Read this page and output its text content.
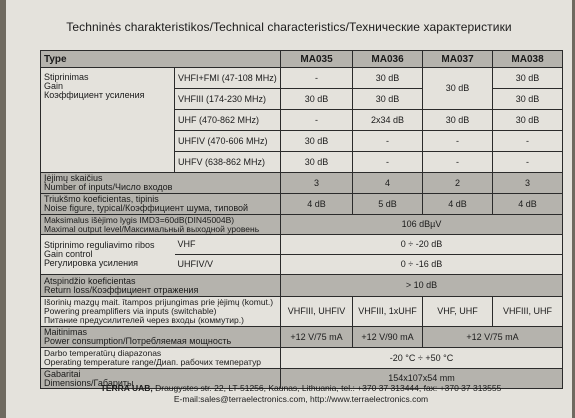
Techninės charakteristikos/Technical characteristics/Технические характеристики
Type		MA035	MA036	MA037	MA038

Stiprinimas
Gain
Коэффициент усиления	VHFI+FMI (47-108 MHz)	-	30 dB	30 dB	30 dB
	VHFIII (174-230 MHz)	30 dB	30 dB		30 dB
	UHF (470-862 MHz)	-	2x34 dB	30 dB	30 dB
	UHFIV (470-606 MHz)	30 dB	-	-	-
	UHFV (638-862 MHz)	30 dB	-	-	-

Įėjimų skaičius
Number of inputs/Число входов		3	4	2	3

Triukšmo koeficientas, tipinis
Noise figure, typical/Коэффициент шума, типовой		4 dB	5 dB	4 dB	4 dB

Maksimalus išėjimo lygis IMD3=60dB(DIN45004B)
Maximal output level/Максимальный выходной уровень		106 dBµV			

Stiprinimo reguliavimo ribos
Gain control
Регулировка усиления	VHF	0 ÷ -20 dB			
	UHFIV/V	0 ÷ -16 dB			

Atspindžio koeficientas
Return loss/Коэффициент отражения		> 10 dB			

Išorinių mazgų mait. ītampos prijungimas prie įėjimų (komut.)
Powering preamplifiers via inputs (switchable)
Питание предусилителей через входы (коммутир.)		VHFIII, UHFIV	VHFIII, 1xUHF	VHF, UHF	VHFIII, UHF

Maitinimas
Power consumption/Потребляемая мощность		+12 V/75 mA	+12 V/90 mA	+12 V/75 mA	

Darbo temperatūrų diapazonas
Operating temperature range/Диап. рабочих температур		-20 °C ÷ +50 °C			

Gabaritai
Dimensions/Габариты		154x107x54 mm			
TERRA UAB, Draugystes str. 22, LT-51256, Kaunas, Lithuania, tel.: +370 37 313444, fax: +370 37 313555
E-mail:sales@terraelectronics.com, http://www.terraelectronics.com
